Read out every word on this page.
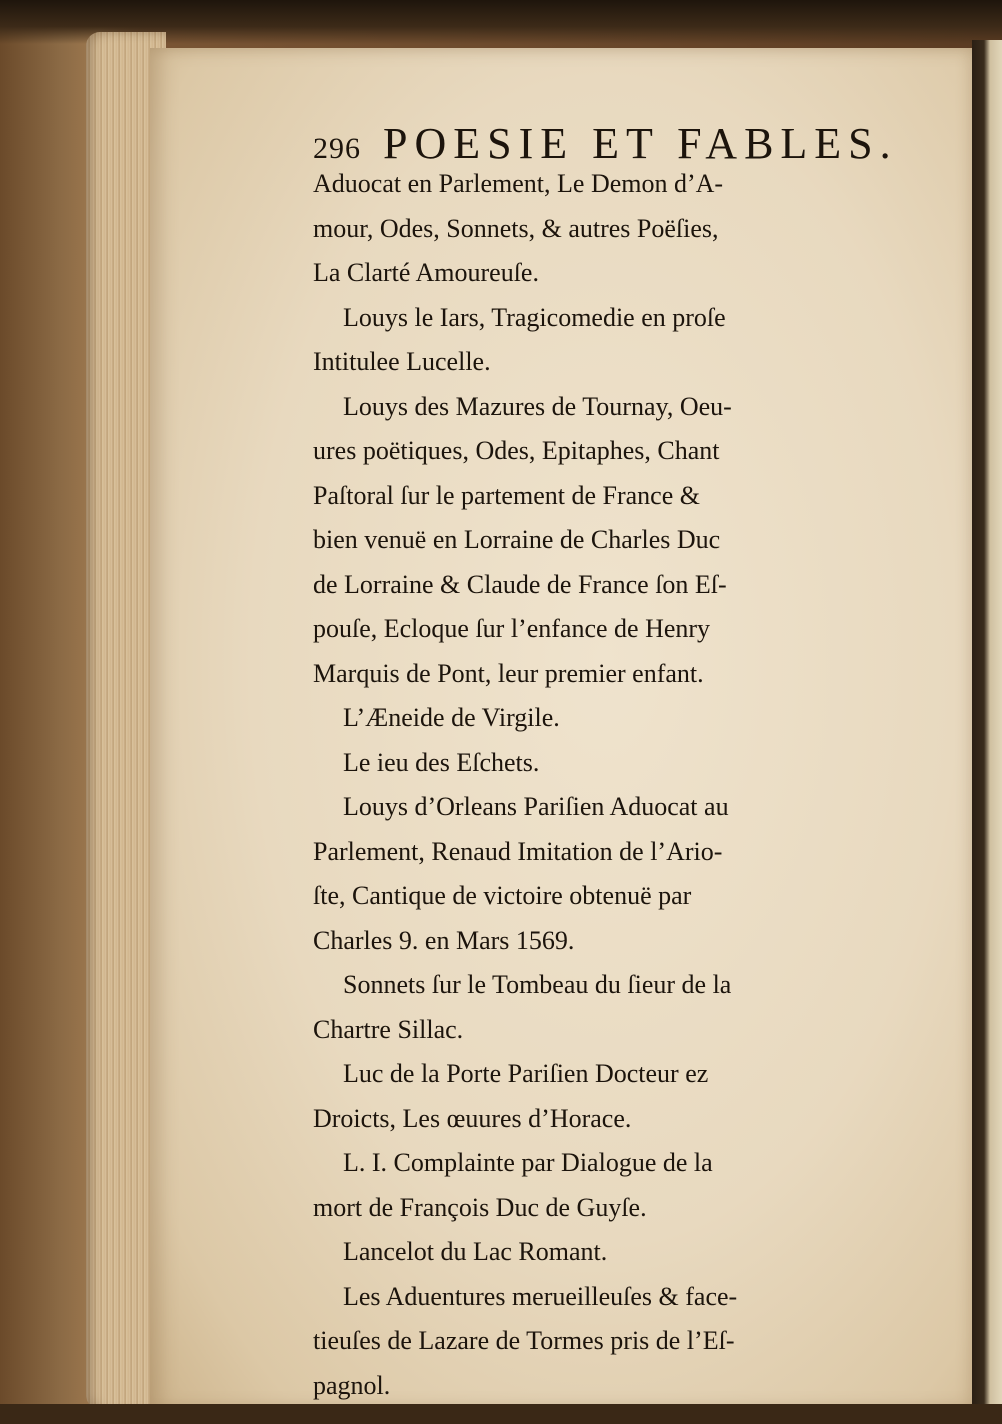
296 POESIE ET FABLES.
Aduocat en Parlement, Le Demon d’A-
mour, Odes, Sonnets, & autres Poëſies,
La Clarté Amoureuſe.
Louys le Iars, Tragicomedie en proſe
Intitulee Lucelle.
Louys des Mazures de Tournay, Oeu-
ures poëtiques, Odes, Epitaphes, Chant
Paſtoral ſur le partement de France &
bien venuë en Lorraine de Charles Duc
de Lorraine & Claude de France ſon Eſ-
pouſe, Ecloque ſur l’enfance de Henry
Marquis de Pont, leur premier enfant.
L’Æneide de Virgile.
Le ieu des Eſchets.
Louys d’Orleans Pariſien Aduocat au
Parlement, Renaud Imitation de l’Ario-
ſte, Cantique de victoire obtenuë par
Charles 9. en Mars 1569.
Sonnets ſur le Tombeau du ſieur de la
Chartre Sillac.
Luc de la Porte Pariſien Docteur ez
Droicts, Les œuures d’Horace.
L. I. Complainte par Dialogue de la
mort de François Duc de Guyſe.
Lancelot du Lac Romant.
Les Aduentures merueilleuſes & face-
tieuſes de Lazare de Tormes pris de l’Eſ-
pagnol.
